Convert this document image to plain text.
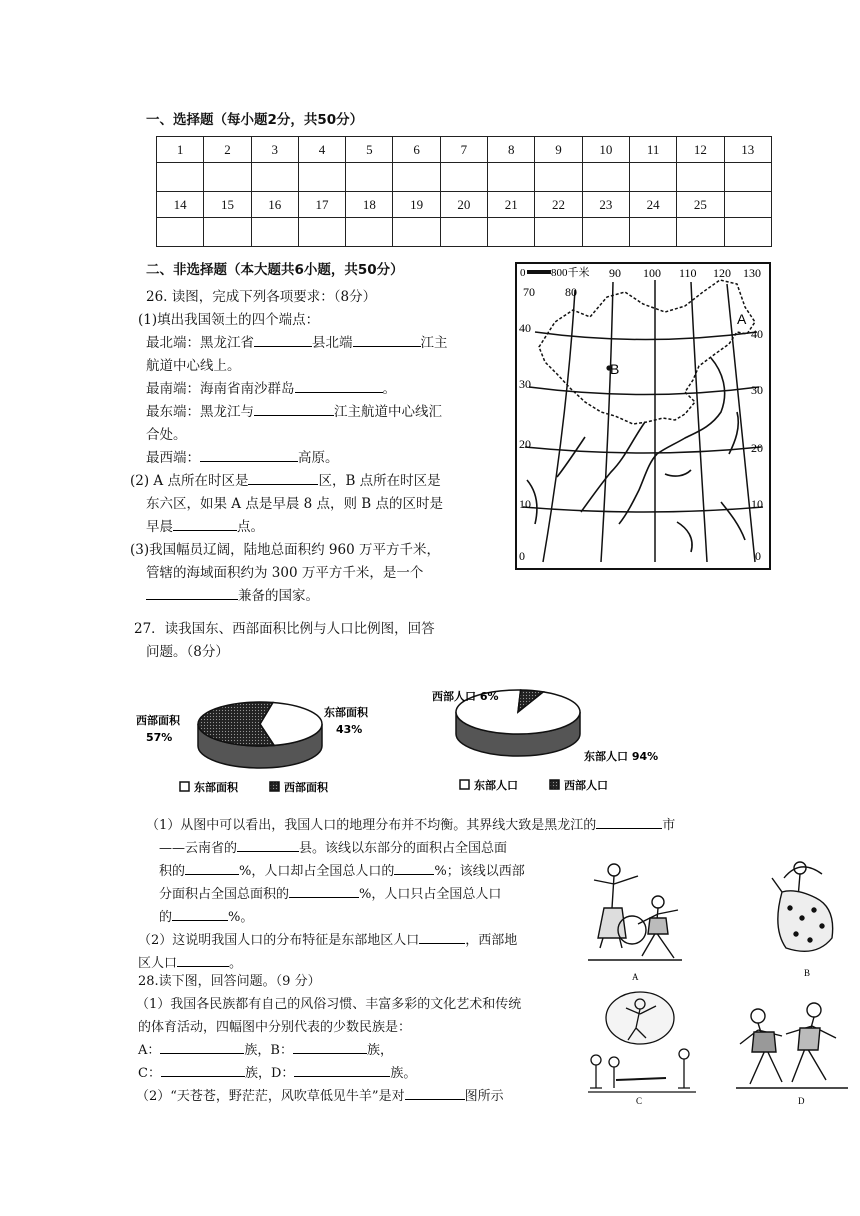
一、选择题（每小题2分，共50分）
1	2	3	4	5	6	7	8	9	10	11	12	13

14	15	16	17	18	19	20	21	22	23	24	25	

二、非选择题（本大题共6小题，共50分）
26. 读图，完成下列各项要求：（8分）
(1)填出我国领土的四个端点：
最北端：黑龙江省	县北端	江主
航道中心线上。
最南端：海南省南沙群岛	。
最东端：黑龙江与	江主航道中心线汇
合处。
最西端：	高原。
(2) A 点所在时区是	区，B 点所在时区是
东六区，如果 A 点是早晨 8 点，则 B 点的区时是
早晨	点。
(3)我国幅员辽阔，陆地总面积约 960 万平方千米，
管辖的海域面积约为 300 万平方千米，是一个
兼备的国家。
0 800千米
B
A
90 100 110 120 130
70	80
40
30
20
10
0
40
30
20
10
0
27．读我国东、西部面积比例与人口比例图，回答
问题。（8分）
西部面积
57%
东部面积
43%
东部面积	西部面积
西部人口 6%
东部人口 94%
东部人口	西部人口
（1）从图中可以看出，我国人口的地理分布并不均衡。其界线大致是黑龙江的	市
——云南省的	县。该线以东部分的面积占全国总面
积的	%，人口却占全国总人口的	%；该线以西部
分面积占全国总面积的	%，人口只占全国总人口
的	%。
（2）这说明我国人口的分布特征是东部地区人口	，西部地
区人口	。
28.读下图，回答问题。（9 分）
（1）我国各民族都有自己的风俗习惯、丰富多彩的文化艺术和传统
的体育活动，四幅图中分别代表的少数民族是：
A：	族，B：	族，
C：	族，D：	族。
（2）“天苍苍，野茫茫，风吹草低见牛羊”是对	图所示
A	B
C	D
